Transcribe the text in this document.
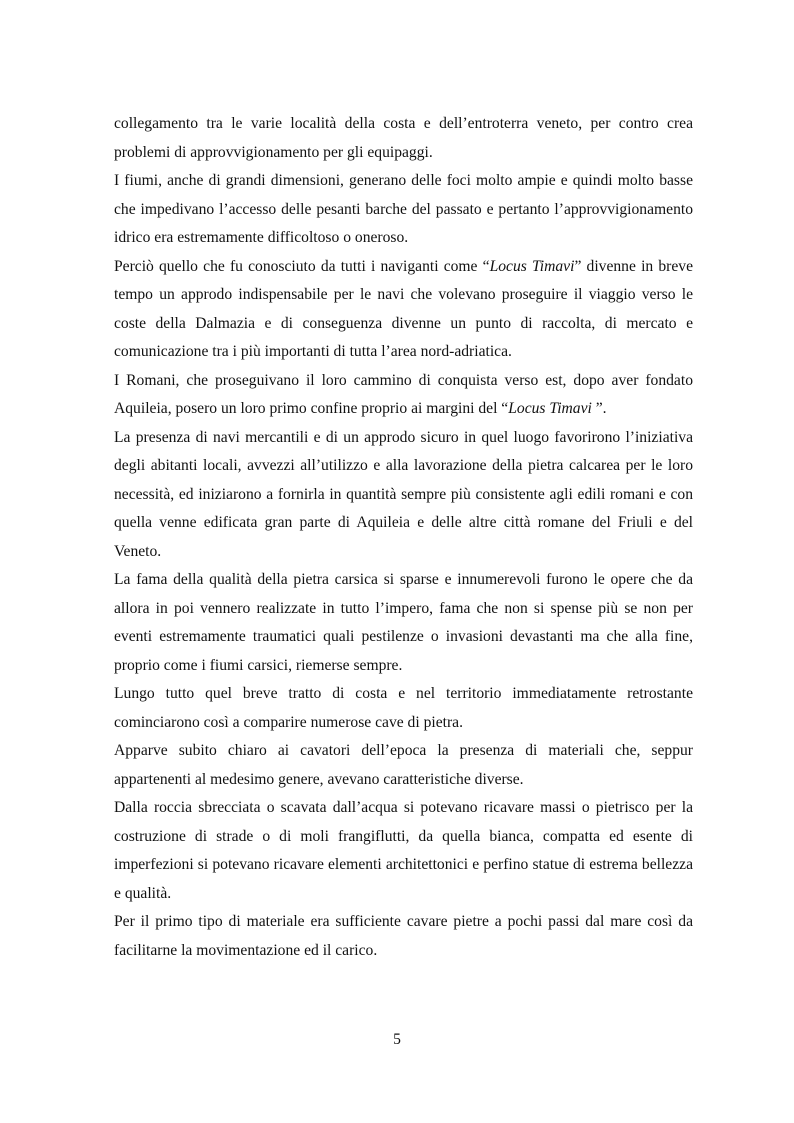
collegamento tra le varie località della costa e dell’entroterra veneto, per contro crea problemi di approvvigionamento per gli equipaggi.

I fiumi, anche di grandi dimensioni, generano delle foci molto ampie e quindi molto basse che impedivano l’accesso delle pesanti barche del passato e pertanto l’approvvigionamento idrico era estremamente difficoltoso o oneroso.

Perciò quello che fu conosciuto da tutti i naviganti come “Locus Timavi” divenne in breve tempo un approdo indispensabile per le navi che volevano proseguire il viaggio verso le coste della Dalmazia e di conseguenza divenne un punto di raccolta, di mercato e comunicazione tra i più importanti di tutta l’area nord-adriatica.

I Romani, che proseguivano il loro cammino di conquista verso est, dopo aver fondato Aquileia, posero un loro primo confine proprio ai margini del “Locus Timavi ”.

La presenza di navi mercantili e di un approdo sicuro in quel luogo favorirono l’iniziativa degli abitanti locali, avvezzi all’utilizzo e alla lavorazione della pietra calcarea per le loro necessità, ed iniziarono a fornirla in quantità sempre più consistente agli edili romani e con quella venne edificata gran parte di Aquileia e delle altre città romane del Friuli e del Veneto.

La fama della qualità della pietra carsica si sparse e innumerevoli furono le opere che da allora in poi vennero realizzate in tutto l’impero, fama che non si spense più se non per eventi estremamente traumatici quali pestilenze o invasioni devastanti ma che alla fine, proprio come i fiumi carsici, riemerse sempre.

Lungo tutto quel breve tratto di costa e nel territorio immediatamente retrostante cominciarono così a comparire numerose cave di pietra.

Apparve subito chiaro ai cavatori dell’epoca la presenza di materiali che, seppur appartenenti al medesimo genere, avevano caratteristiche diverse.

Dalla roccia sbrecciata o scavata dall’acqua si potevano ricavare massi o pietrisco per la costruzione di strade o di moli frangiflutti, da quella bianca, compatta ed esente di imperfezioni si potevano ricavare elementi architettonici e perfino statue di estrema bellezza e qualità.

Per il primo tipo di materiale era sufficiente cavare pietre a pochi passi dal mare così da facilitarne la movimentazione ed il carico.

5
